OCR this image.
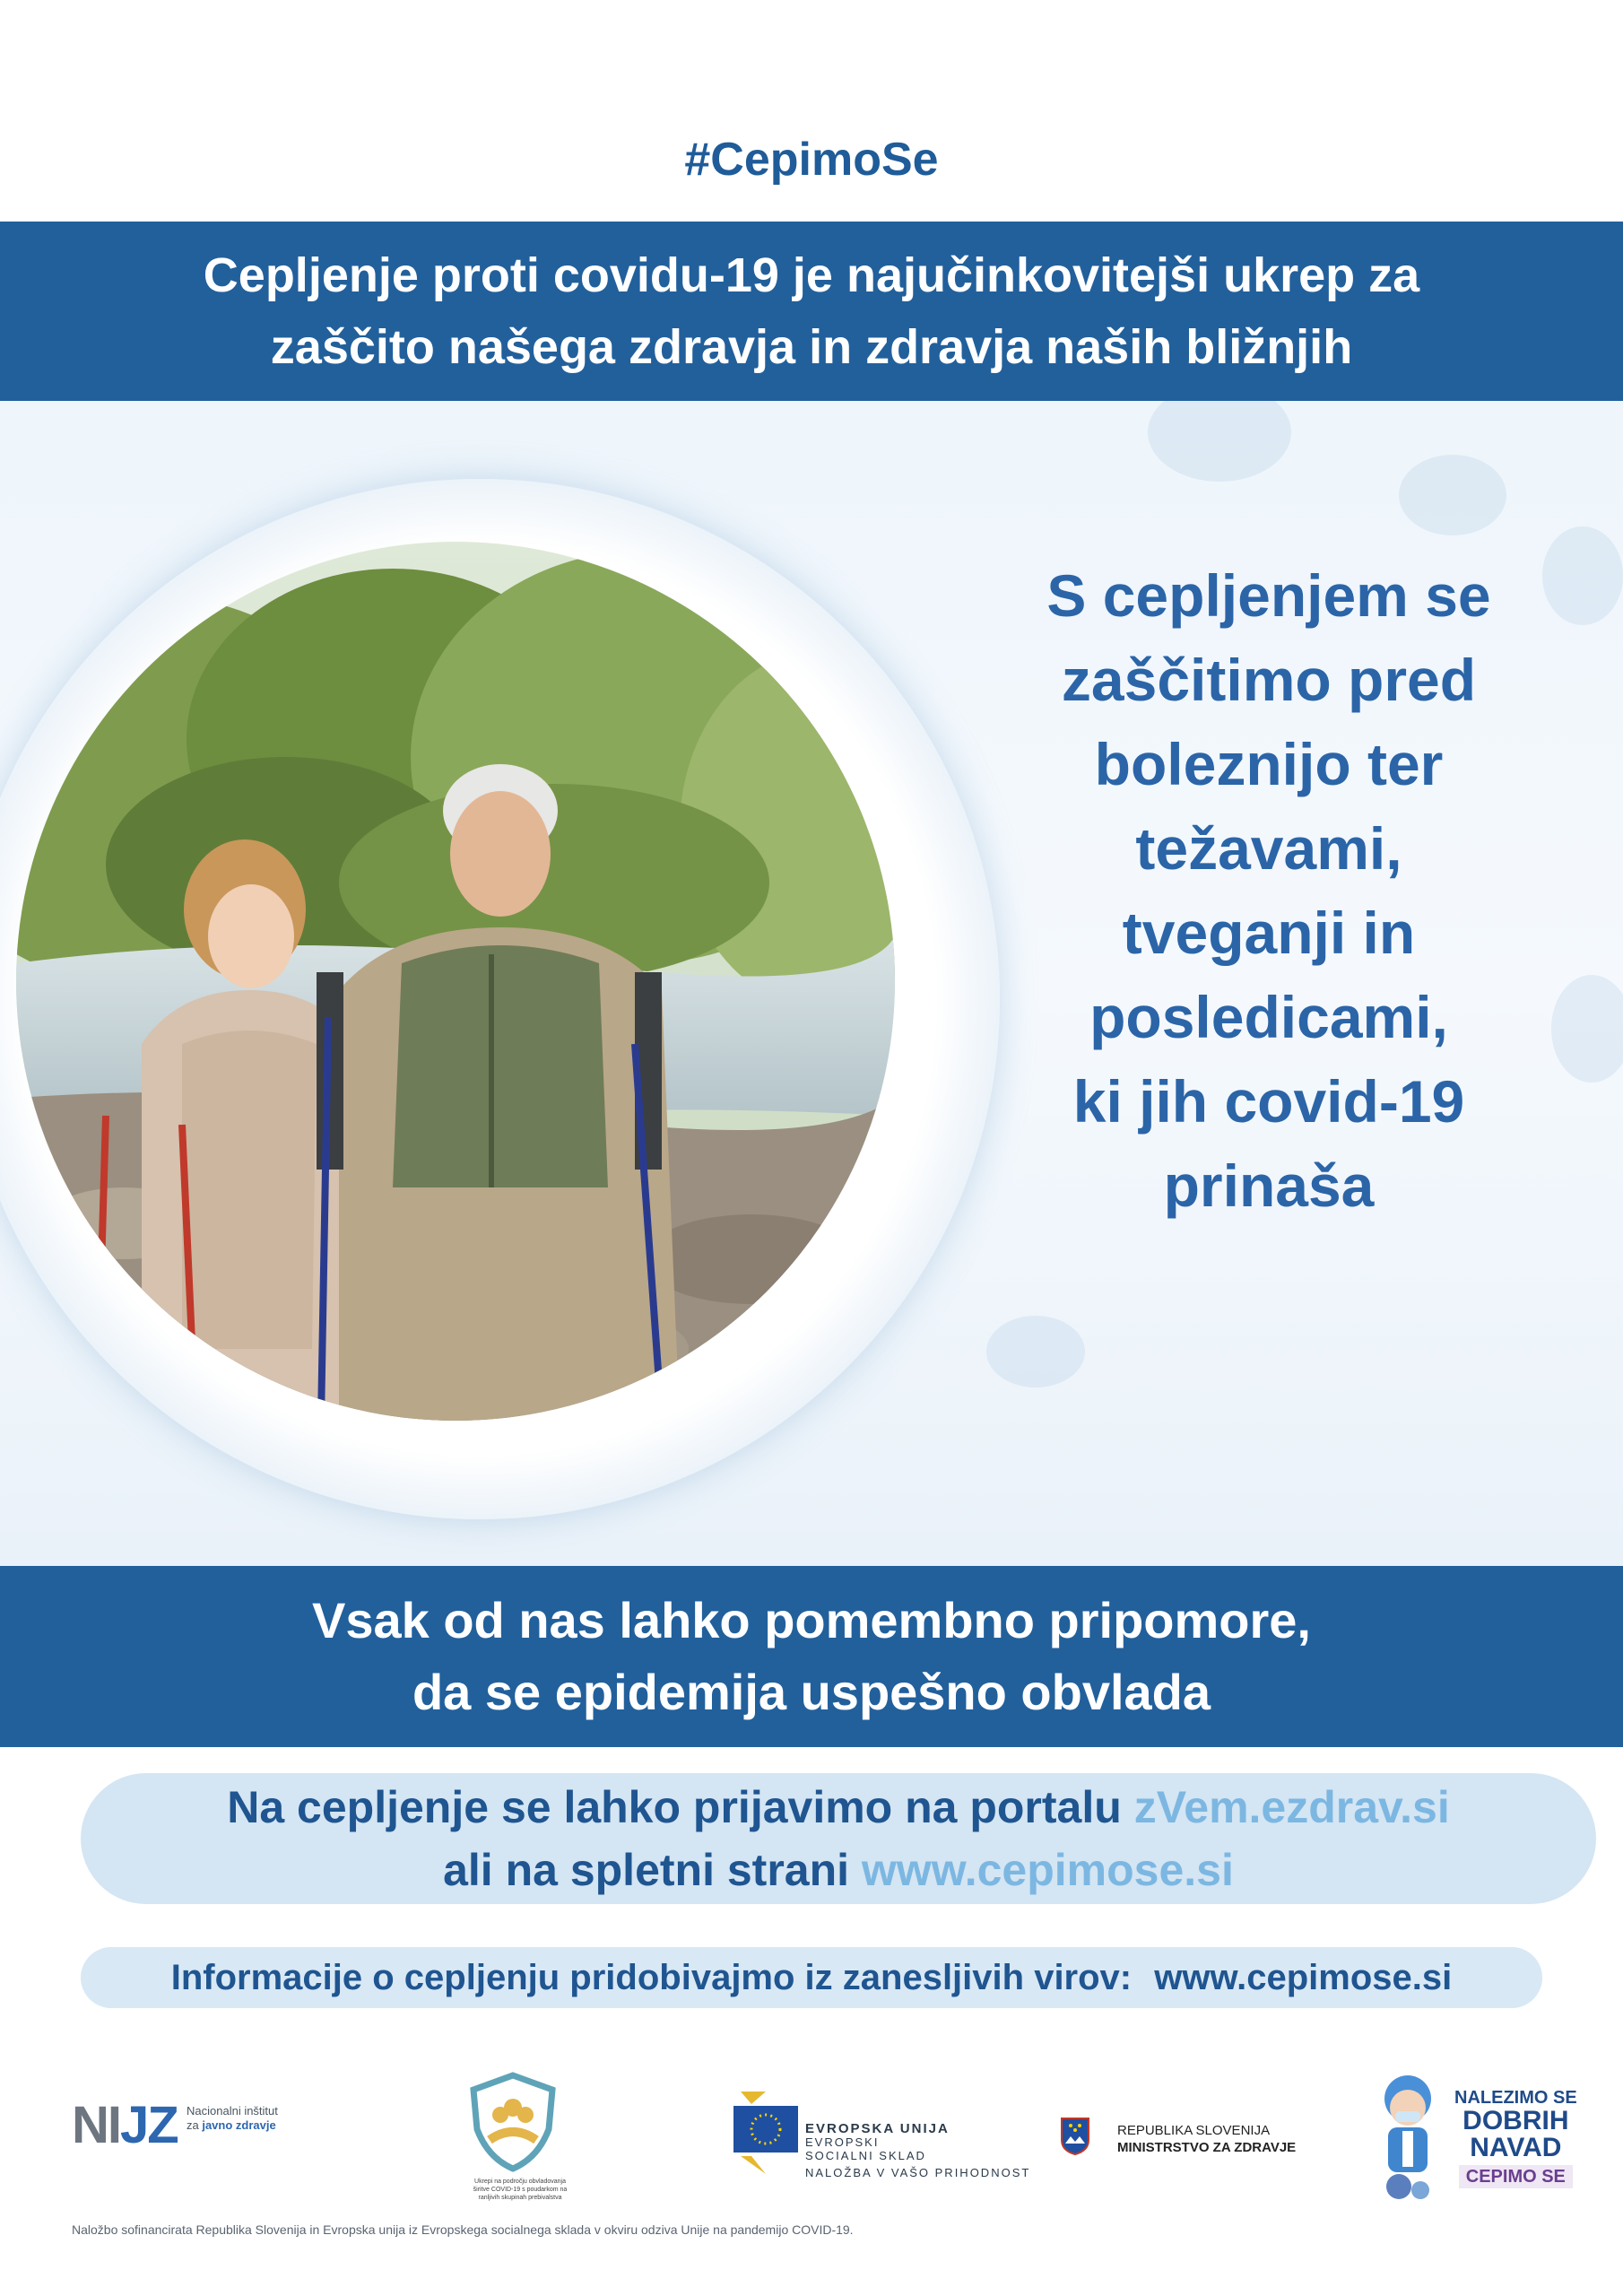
#CepimoSe
Cepljenje proti covidu-19 je najučinkovitejši ukrep za
zaščito našega zdravja in zdravja naših bližnjih
S cepljenjem se
zaščitimo pred
boleznijo ter
težavami,
tveganji in
posledicami,
ki jih covid-19
prinaša
Vsak od nas lahko pomembno pripomore,
da se epidemija uspešno obvlada
Na cepljenje se lahko prijavimo na portalu zVem.ezdrav.si
ali na spletni strani www.cepimose.si
Informacije o cepljenju pridobivajmo iz zanesljivih virov: www.cepimose.si
NIJZ Nacionalni inštitut
za javno zdravje
Ukrepi na področju obvladovanja
širitve COVID-19 s poudarkom na
ranljivih skupinah prebivalstva
EVROPSKA UNIJA
EVROPSKI
SOCIALNI SKLAD
NALOŽBA V VAŠO PRIHODNOST
REPUBLIKA SLOVENIJA
MINISTRSTVO ZA ZDRAVJE
NALEZIMO SE
DOBRIH
NAVAD
CEPIMO SE
Naložbo sofinancirata Republika Slovenija in Evropska unija iz Evropskega socialnega sklada v okviru odziva Unije na pandemijo COVID-19.
